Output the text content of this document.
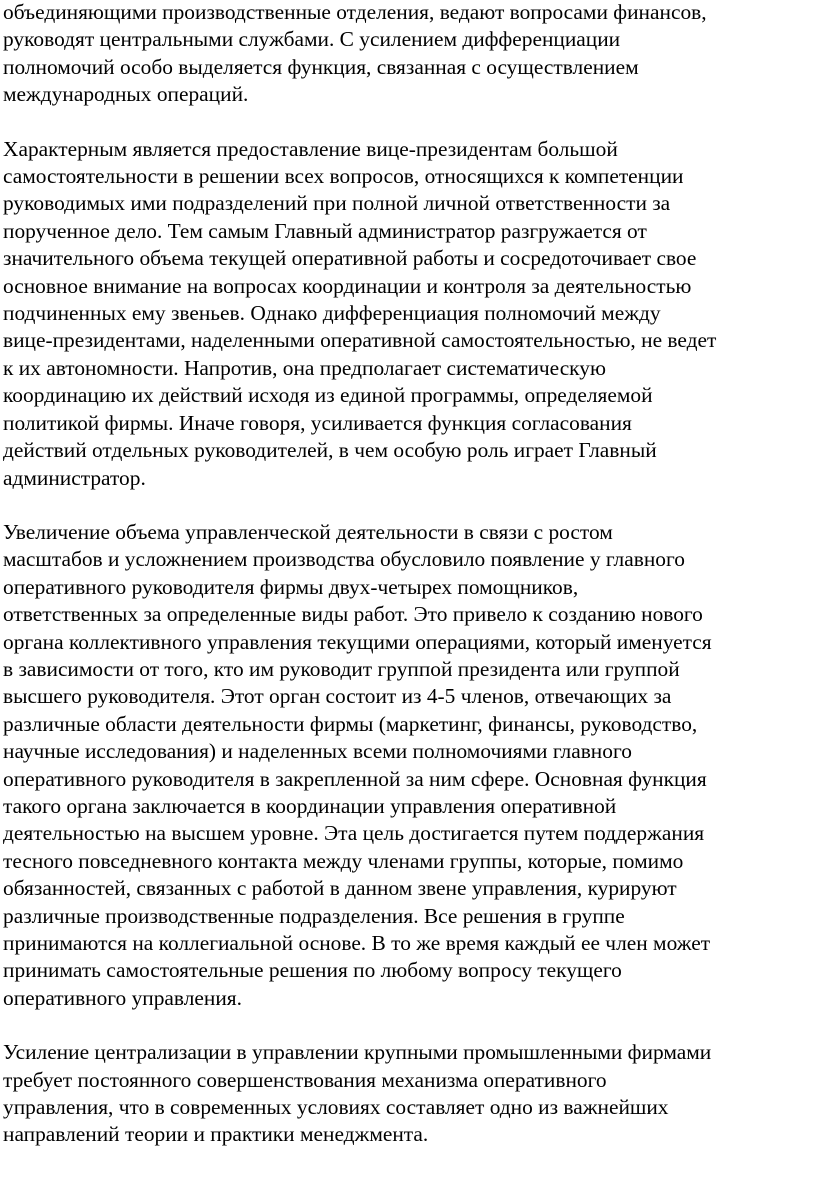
объединяющими производственные отделения, ведают вопросами финансов,
руководят центральными службами. С усилением дифференциации
полномочий особо выделяется функция, связанная с осуществлением
международных операций.

Характерным является предоставление вице-президентам большой
самостоятельности в решении всех вопросов, относящихся к компетенции
руководимых ими подразделений при полной личной ответственности за
порученное дело. Тем самым Главный администратор разгружается от
значительного объема текущей оперативной работы и сосредоточивает свое
основное внимание на вопросах координации и контроля за деятельностью
подчиненных ему звеньев. Однако дифференциация полномочий между
вице-президентами, наделенными оперативной самостоятельностью, не ведет
к их автономности. Напротив, она предполагает систематическую
координацию их действий исходя из единой программы, определяемой
политикой фирмы. Иначе говоря, усиливается функция согласования
действий отдельных руководителей, в чем особую роль играет Главный
администратор.

Увеличение объема управленческой деятельности в связи с ростом
масштабов и усложнением производства обусловило появление у главного
оперативного руководителя фирмы двух-четырех помощников,
ответственных за определенные виды работ. Это привело к созданию нового
органа коллективного управления текущими операциями, который именуется
в зависимости от того, кто им руководит группой президента или группой
высшего руководителя. Этот орган состоит из 4-5 членов, отвечающих за
различные области деятельности фирмы (маркетинг, финансы, руководство,
научные исследования) и наделенных всеми полномочиями главного
оперативного руководителя в закрепленной за ним сфере. Основная функция
такого органа заключается в координации управления оперативной
деятельностью на высшем уровне. Эта цель достигается путем поддержания
тесного повседневного контакта между членами группы, которые, помимо
обязанностей, связанных с работой в данном звене управления, курируют
различные производственные подразделения. Все решения в группе
принимаются на коллегиальной основе. В то же время каждый ее член может
принимать самостоятельные решения по любому вопросу текущего
оперативного управления.

Усиление централизации в управлении крупными промышленными фирмами
требует постоянного совершенствования механизма оперативного
управления, что в современных условиях составляет одно из важнейших
направлений теории и практики менеджмента.
